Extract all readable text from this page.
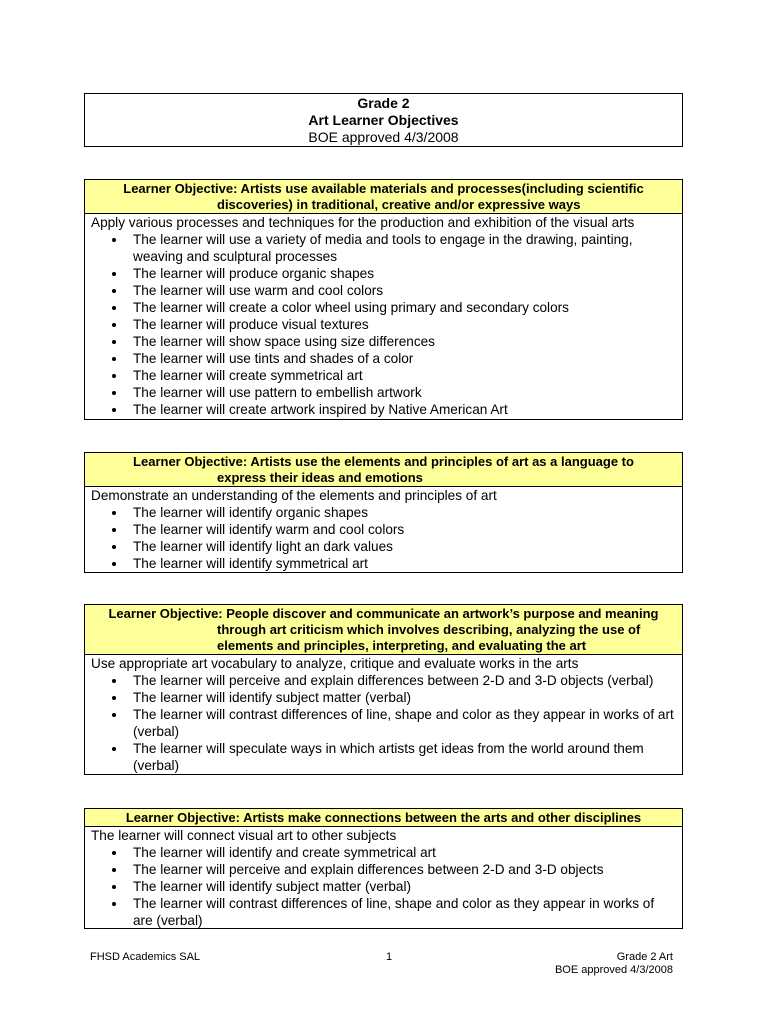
Grade 2
Art Learner Objectives
BOE approved 4/3/2008
Learner Objective: Artists use available materials and processes(including scientific
discoveries) in traditional, creative and/or expressive ways
Apply various processes and techniques for the production and exhibition of the visual arts
• The learner will use a variety of media and tools to engage in the drawing, painting, weaving and sculptural processes
• The learner will produce organic shapes
• The learner will use warm and cool colors
• The learner will create a color wheel using primary and secondary colors
• The learner will produce visual textures
• The learner will show space using size differences
• The learner will use tints and shades of a color
• The learner will create symmetrical art
• The learner will use pattern to embellish artwork
• The learner will create artwork inspired by Native American Art
Learner Objective: Artists use the elements and principles of art as a language to
express their ideas and emotions
Demonstrate an understanding of the elements and principles of art
• The learner will identify organic shapes
• The learner will identify warm and cool colors
• The learner will identify light an dark values
• The learner will identify symmetrical art
Learner Objective: People discover and communicate an artwork’s purpose and meaning
through art criticism which involves describing, analyzing the use of
elements and principles, interpreting, and evaluating the art
Use appropriate art vocabulary to analyze, critique and evaluate works in the arts
• The learner will perceive and explain differences between 2-D and 3-D objects (verbal)
• The learner will identify subject matter (verbal)
• The learner will contrast differences of line, shape and color as they appear in works of art (verbal)
• The learner will speculate ways in which artists get ideas from the world around them (verbal)
Learner Objective: Artists make connections between the arts and other disciplines
The learner will connect visual art to other subjects
• The learner will identify and create symmetrical art
• The learner will perceive and explain differences between 2-D and 3-D objects
• The learner will identify subject matter (verbal)
• The learner will contrast differences of line, shape and color as they appear in works of are (verbal)
FHSD Academics SAL	1	Grade 2 Art
BOE approved 4/3/2008
